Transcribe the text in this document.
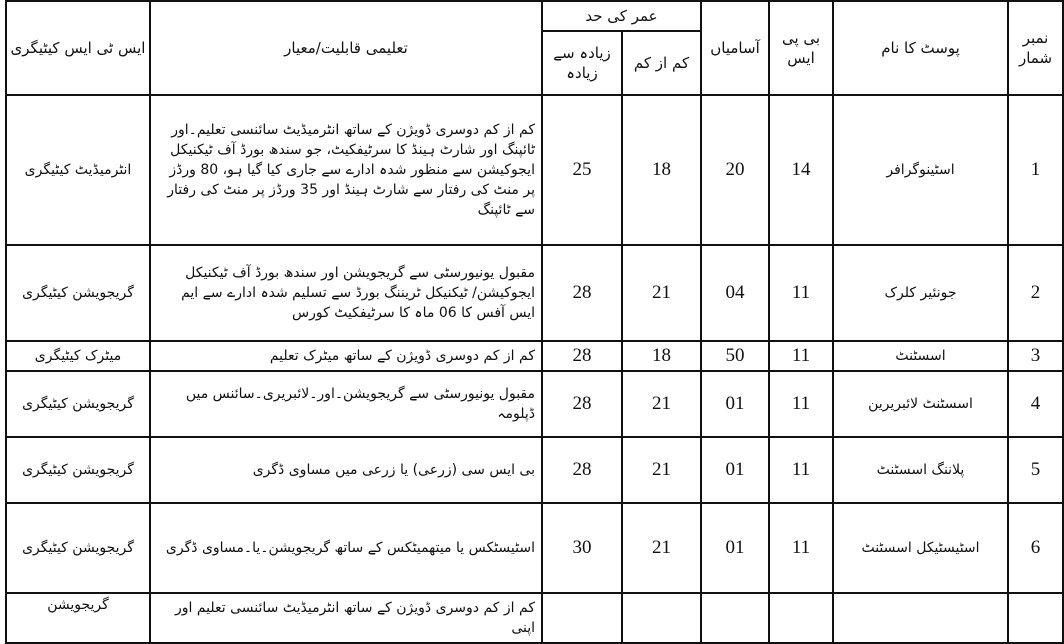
نمبر شمار	پوسٹ کا نام	بی پی ایس	آسامیاں	عمر کی حد		تعلیمی قابلیت/معیار	ایس ٹی ایس کیٹیگری
				کم از کم	زیادہ سے زیادہ		
1	اسٹینوگرافر	14	20	18	25	کم از کم دوسری ڈویژن کے ساتھ انٹرمیڈیٹ سائنسی تعلیم۔اور ٹائپنگ اور شارٹ ہینڈ کا سرٹیفکیٹ، جو سندھ بورڈ آف ٹیکنیکل ایجوکیشن سے منظور شدہ ادارے سے جاری کیا گیا ہو، 80 ورڈز پر منٹ کی رفتار سے شارٹ ہینڈ اور 35 ورڈز پر منٹ کی رفتار سے ٹائپنگ	انٹرمیڈیٹ کیٹیگری
2	جونئیر کلرک	11	04	21	28	مقبول یونیورسٹی سے گریجویشن اور سندھ بورڈ آف ٹیکنیکل ایجوکیشن/ ٹیکنیکل ٹریننگ بورڈ سے تسلیم شدہ ادارے سے ایم ایس آفس کا 06 ماہ کا سرٹیفکیٹ کورس	گریجویشن کیٹیگری
3	اسسٹنٹ	11	50	18	28	کم از کم دوسری ڈویژن کے ساتھ میٹرک تعلیم	میٹرک کیٹیگری
4	اسسٹنٹ لائبریرین	11	01	21	28	مقبول یونیورسٹی سے گریجویشن۔اور۔لائبریری۔سائنس میں ڈپلومہ	گریجویشن کیٹیگری
5	پلاننگ اسسٹنٹ	11	01	21	28	بی ایس سی (زرعی) یا زرعی میں مساوی ڈگری	گریجویشن کیٹیگری
6	اسٹیسٹیکل اسسٹنٹ	11	01	21	30	اسٹیسٹکس یا میتھمیٹکس کے ساتھ گریجویشن۔یا۔مساوی ڈگری	گریجویشن کیٹیگری
						کم از کم دوسری ڈویژن کے ساتھ انٹرمیڈیٹ سائنسی تعلیم اور اپنی	گریجویشن
